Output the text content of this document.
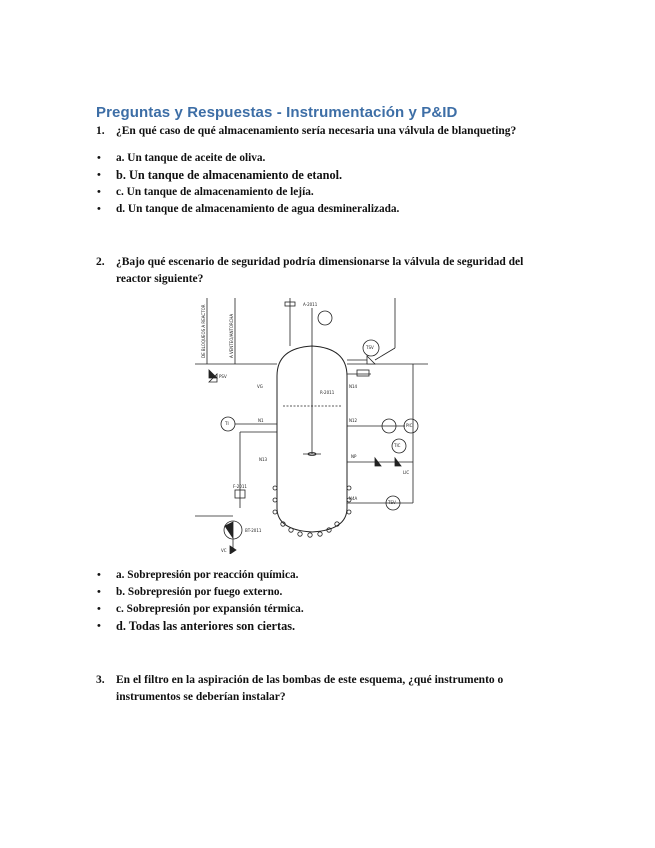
Preguntas y Respuestas - Instrumentación y P&ID
1. ¿En qué caso de qué almacenamiento sería necesaria una válvula de blanqueting?
• a. Un tanque de aceite de oliva.
• b. Un tanque de almacenamiento de etanol.
• c. Un tanque de almacenamiento de lejía.
• d. Un tanque de almacenamiento de agua desmineralizada.
2. ¿Bajo qué escenario de seguridad podría dimensionarse la válvula de seguridad del reactor siguiente?
DE BLOQUEOS A REACTOR	A VENTEO/ANTORCHA
R-2011
A-2011
TSV
PSV
TI
N1
VG
N13
N12
N14
NP
N4A
PIC
TIC
LIC
TSV
F-2011
BT-2011
VC
• a. Sobrepresión por reacción química.
• b. Sobrepresión por fuego externo.
• c. Sobrepresión por expansión térmica.
• d. Todas las anteriores son ciertas.
3. En el filtro en la aspiración de las bombas de este esquema, ¿qué instrumento o instrumentos se deberían instalar?
